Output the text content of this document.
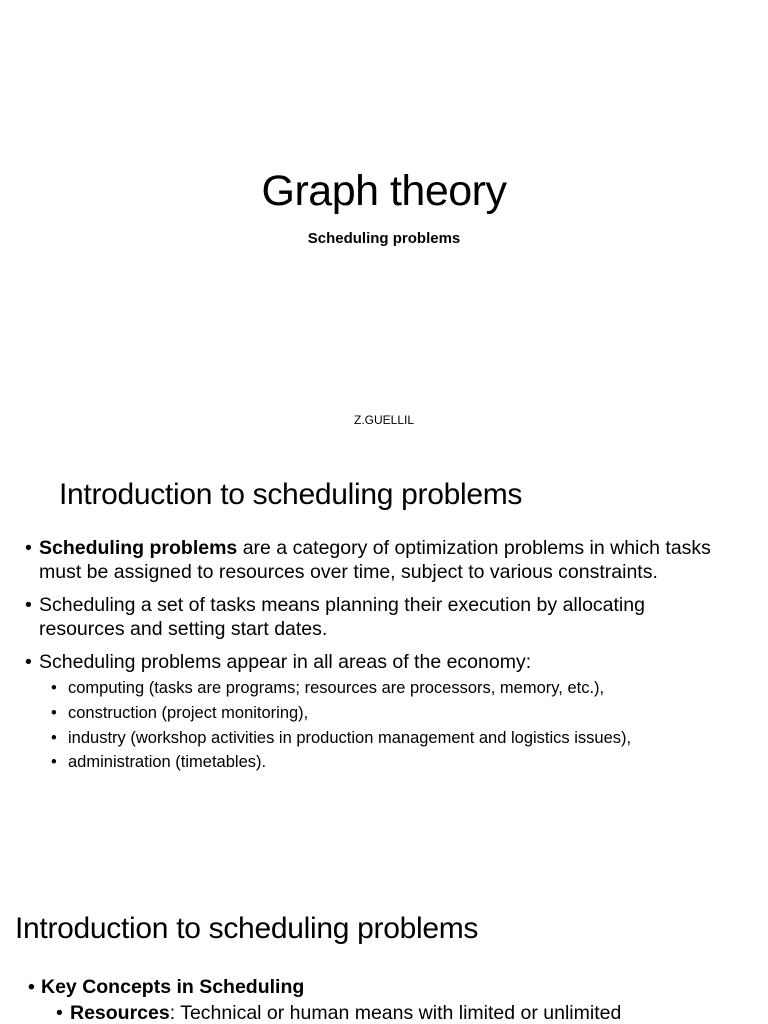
Graph theory
Scheduling problems
Z.GUELLIL
Introduction to scheduling problems
• Scheduling problems are a category of optimization problems in which tasks must be assigned to resources over time, subject to various constraints.
• Scheduling a set of tasks means planning their execution by allocating resources and setting start dates.
• Scheduling problems appear in all areas of the economy:
• computing (tasks are programs; resources are processors, memory, etc.),
• construction (project monitoring),
• industry (workshop activities in production management and logistics issues),
• administration (timetables).
Introduction to scheduling problems
• Key Concepts in Scheduling
• Resources: Technical or human means with limited or unlimited
